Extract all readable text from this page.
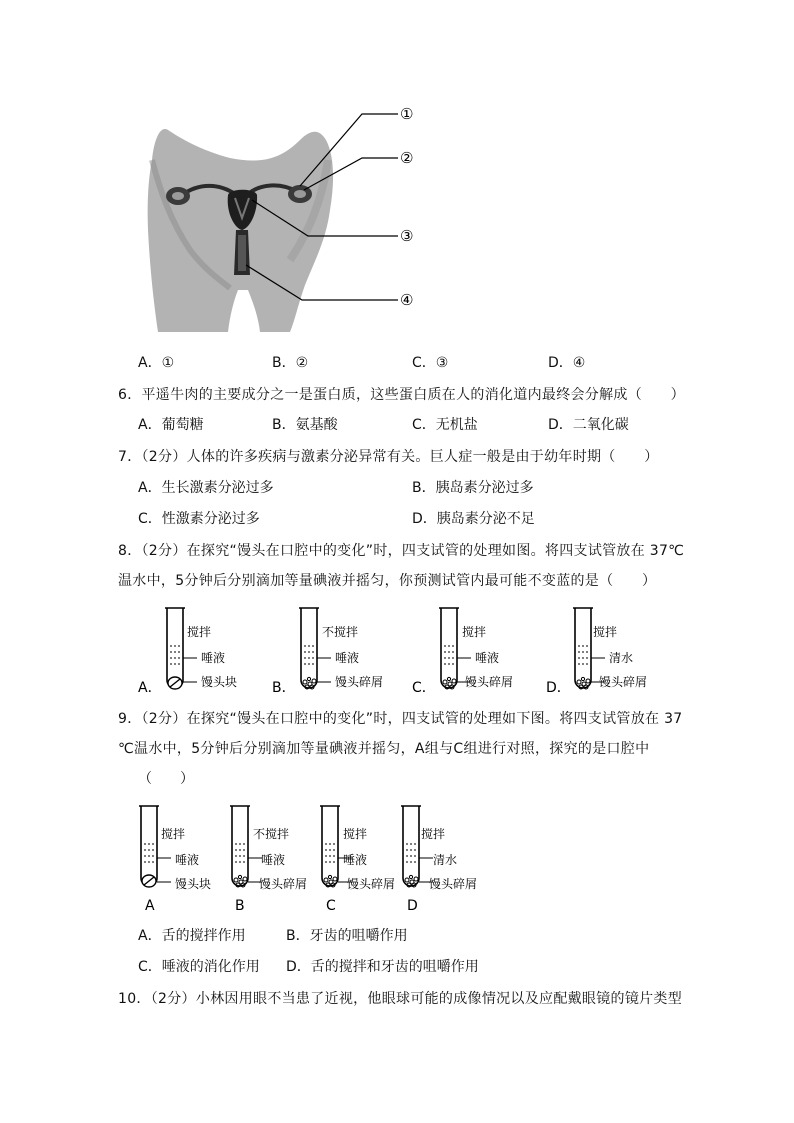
①
②
③
④
A．①	B．②	C．③	D．④
6．平遥牛肉的主要成分之一是蛋白质，这些蛋白质在人的消化道内最终会分解成（　　）
A．葡萄糖	B．氨基酸	C．无机盐	D．二氧化碳
7．（2分）人体的许多疾病与激素分泌异常有关。巨人症一般是由于幼年时期（　　）
A．生长激素分泌过多	B．胰岛素分泌过多
C．性激素分泌过多	D．胰岛素分泌不足
8．（2分）在探究“馒头在口腔中的变化”时，四支试管的处理如图。将四支试管放在 37℃
温水中，5分钟后分别滴加等量碘液并摇匀，你预测试管内最可能不变蓝的是（　　）
搅拌
唾液
馒头块
A．
不搅拌
唾液
馒头碎屑
B．
搅拌
唾液
馒头碎屑
C．
搅拌
清水
馒头碎屑
D．
9．（2分）在探究“馒头在口腔中的变化”时，四支试管的处理如下图。将四支试管放在 37
℃温水中，5分钟后分别滴加等量碘液并摇匀，A组与C组进行对照，探究的是口腔中
（　　）
搅拌
唾液
馒头块
A
不搅拌
唾液
馒头碎屑
B
搅拌
唾液
馒头碎屑
C
搅拌
清水
馒头碎屑
D
A．舌的搅拌作用	B．牙齿的咀嚼作用
C．唾液的消化作用 D．舌的搅拌和牙齿的咀嚼作用
10．（2分）小林因用眼不当患了近视，他眼球可能的成像情况以及应配戴眼镜的镜片类型
